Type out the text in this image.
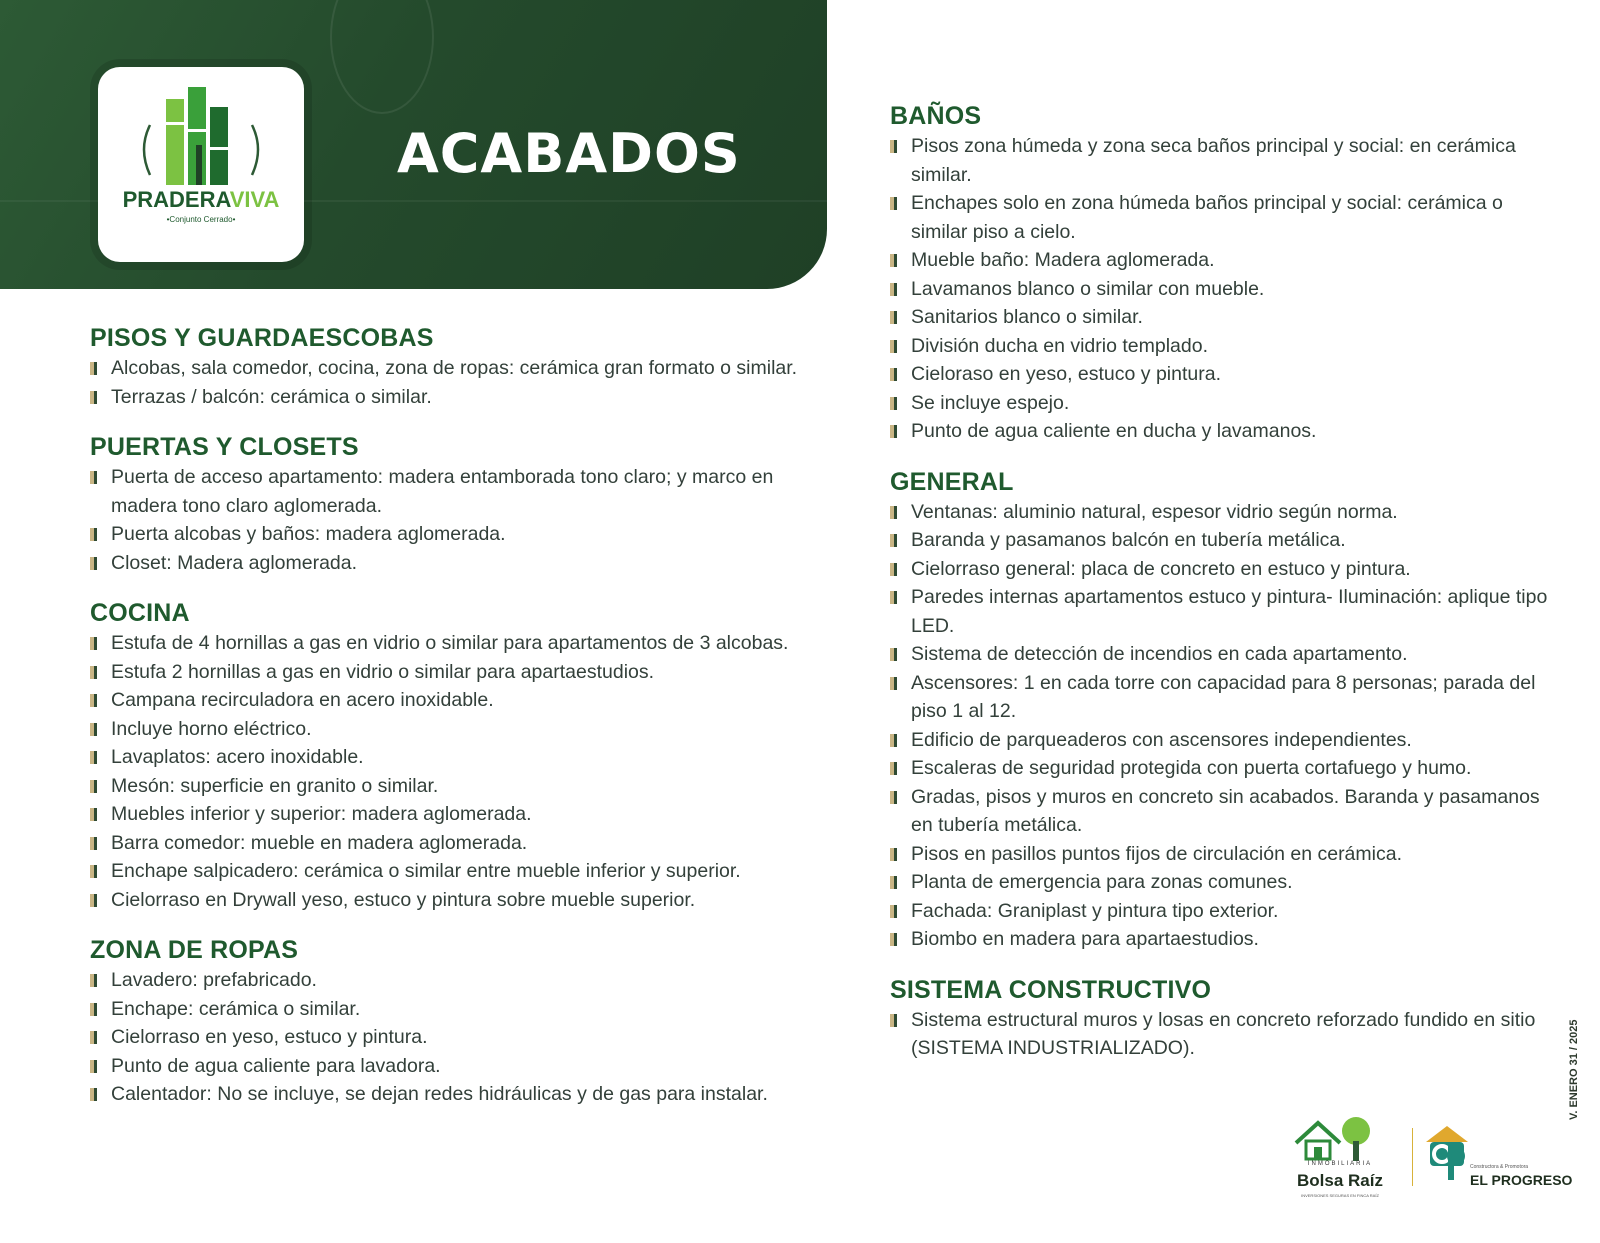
PRADERAVIVA
•Conjunto Cerrado•
ACABADOS
PISOS Y GUARDAESCOBAS
Alcobas, sala comedor, cocina, zona de ropas: cerámica gran formato o similar.
Terrazas / balcón: cerámica o similar.
PUERTAS Y CLOSETS
Puerta de acceso apartamento: madera entamborada tono claro; y marco en madera tono claro aglomerada.
Puerta alcobas y baños: madera aglomerada.
Closet: Madera aglomerada.
COCINA
Estufa de 4 hornillas a gas en vidrio o similar para apartamentos de 3 alcobas.
Estufa 2 hornillas a gas en vidrio o similar para apartaestudios.
Campana recirculadora en acero inoxidable.
Incluye horno eléctrico.
Lavaplatos: acero inoxidable.
Mesón: superficie en granito o similar.
Muebles inferior y superior: madera aglomerada.
Barra comedor: mueble en madera aglomerada.
Enchape salpicadero: cerámica o similar entre mueble inferior y superior.
Cielorraso en Drywall yeso, estuco y pintura sobre mueble superior.
ZONA DE ROPAS
Lavadero: prefabricado.
Enchape: cerámica o similar.
Cielorraso en yeso, estuco y pintura.
Punto de agua caliente para lavadora.
Calentador: No se incluye, se dejan redes hidráulicas y de gas para instalar.
BAÑOS
Pisos zona húmeda y zona seca baños principal y social: en cerámica similar.
Enchapes solo en zona húmeda baños principal y social: cerámica o similar piso a cielo.
Mueble baño: Madera aglomerada.
Lavamanos blanco o similar con mueble.
Sanitarios blanco o similar.
División ducha en vidrio templado.
Cieloraso en yeso, estuco y pintura.
Se incluye espejo.
Punto de agua caliente en ducha y lavamanos.
GENERAL
Ventanas: aluminio natural, espesor vidrio según norma.
Baranda y pasamanos balcón en tubería metálica.
Cielorraso general: placa de concreto en estuco y pintura.
Paredes internas apartamentos estuco y pintura- Iluminación: aplique tipo LED.
Sistema de detección de incendios en cada apartamento.
Ascensores: 1 en cada torre con capacidad para 8 personas; parada del piso 1 al 12.
Edificio de parqueaderos con ascensores independientes.
Escaleras de seguridad protegida con puerta cortafuego y humo.
Gradas, pisos y muros en concreto sin acabados. Baranda y pasamanos en tubería metálica.
Pisos en pasillos puntos fijos de circulación en cerámica.
Planta de emergencia para zonas comunes.
Fachada: Graniplast y pintura tipo exterior.
Biombo en madera para apartaestudios.
SISTEMA CONSTRUCTIVO
Sistema estructural muros y losas en concreto reforzado fundido en sitio (SISTEMA INDUSTRIALIZADO).	V. ENERO 31 / 2025
INMOBILIARIA
Bolsa Raíz
INVERSIONES SEGURAS EN FINCA RAÍZ
Constructora & Promotora
EL PROGRESO
